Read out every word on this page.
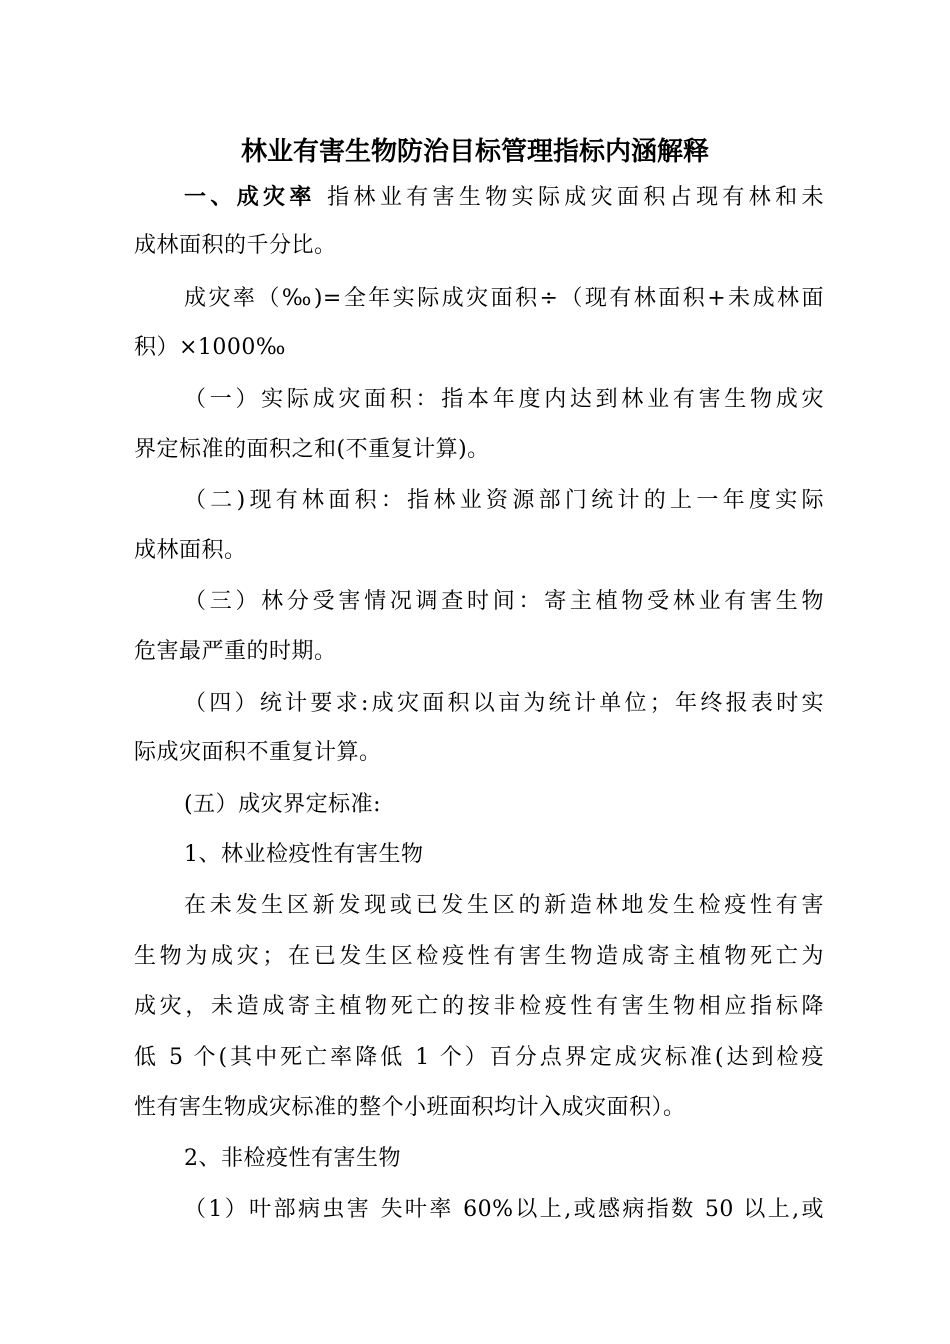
林业有害生物防治目标管理指标内涵解释
一、成灾率 指林业有害生物实际成灾面积占现有林和未
成林面积的千分比。
成灾率（‰)=全年实际成灾面积÷（现有林面积+未成林面
积）×1000‰
（一）实际成灾面积：指本年度内达到林业有害生物成灾
界定标准的面积之和(不重复计算)。
（二)现有林面积：指林业资源部门统计的上一年度实际
成林面积。
（三）林分受害情况调查时间：寄主植物受林业有害生物
危害最严重的时期。
（四）统计要求:成灾面积以亩为统计单位；年终报表时实
际成灾面积不重复计算。
(五）成灾界定标准:
1、林业检疫性有害生物
在未发生区新发现或已发生区的新造林地发生检疫性有害
生物为成灾；在已发生区检疫性有害生物造成寄主植物死亡为
成灾，未造成寄主植物死亡的按非检疫性有害生物相应指标降
低 5 个(其中死亡率降低 1 个）百分点界定成灾标准(达到检疫
性有害生物成灾标准的整个小班面积均计入成灾面积）。
2、非检疫性有害生物
（1）叶部病虫害 失叶率 60%以上,或感病指数 50 以上,或
